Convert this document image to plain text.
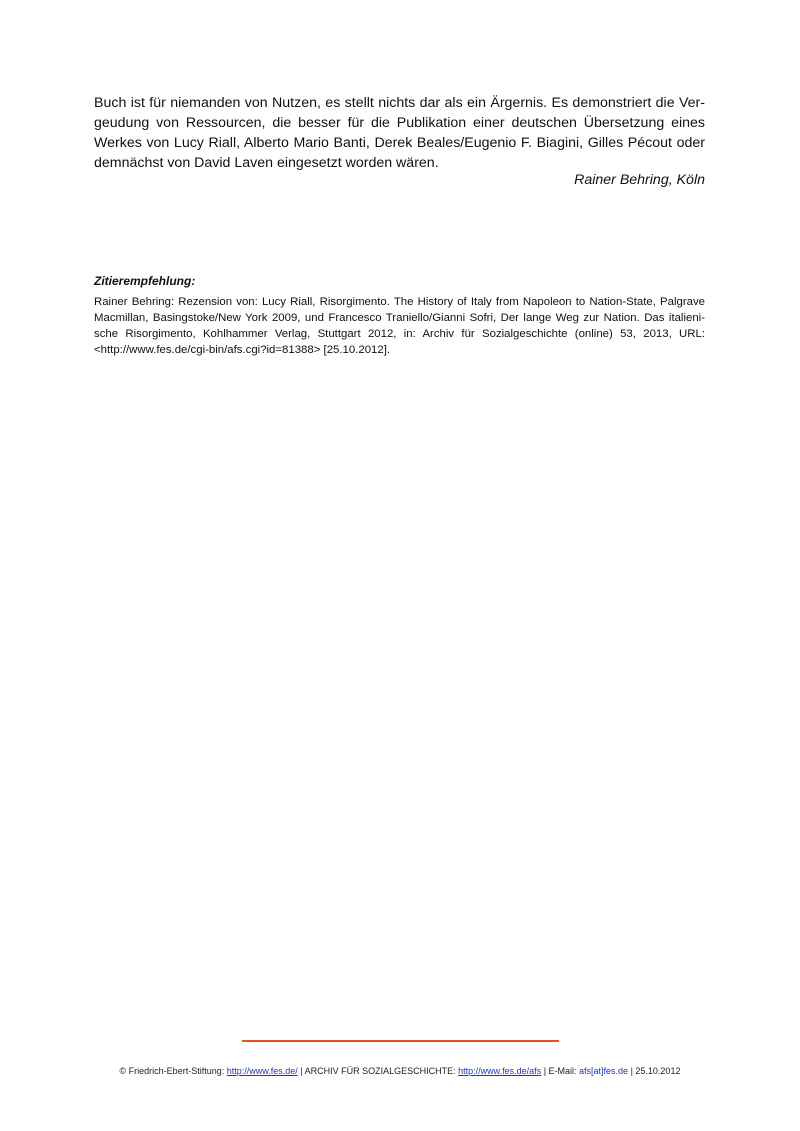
Buch ist für niemanden von Nutzen, es stellt nichts dar als ein Ärgernis. Es demonstriert die Vergeudung von Ressourcen, die besser für die Publikation einer deutschen Übersetzung eines Werkes von Lucy Riall, Alberto Mario Banti, Derek Beales/Eugenio F. Biagini, Gilles Pécout oder demnächst von David Laven eingesetzt worden wären.

Rainer Behring, Köln

Zitierempfehlung:

Rainer Behring: Rezension von: Lucy Riall, Risorgimento. The History of Italy from Napoleon to Nation-State, Palgrave Macmillan, Basingstoke/New York 2009, und Francesco Traniello/Gianni Sofri, Der lange Weg zur Nation. Das italienische Risorgimento, Kohlhammer Verlag, Stuttgart 2012, in: Archiv für Sozialgeschichte (online) 53, 2013, URL: <http://www.fes.de/cgi-bin/afs.cgi?id=81388> [25.10.2012].

© Friedrich-Ebert-Stiftung: http://www.fes.de/ | ARCHIV FÜR SOZIALGESCHICHTE: http://www.fes.de/afs | E-Mail: afs[at]fes.de | 25.10.2012
